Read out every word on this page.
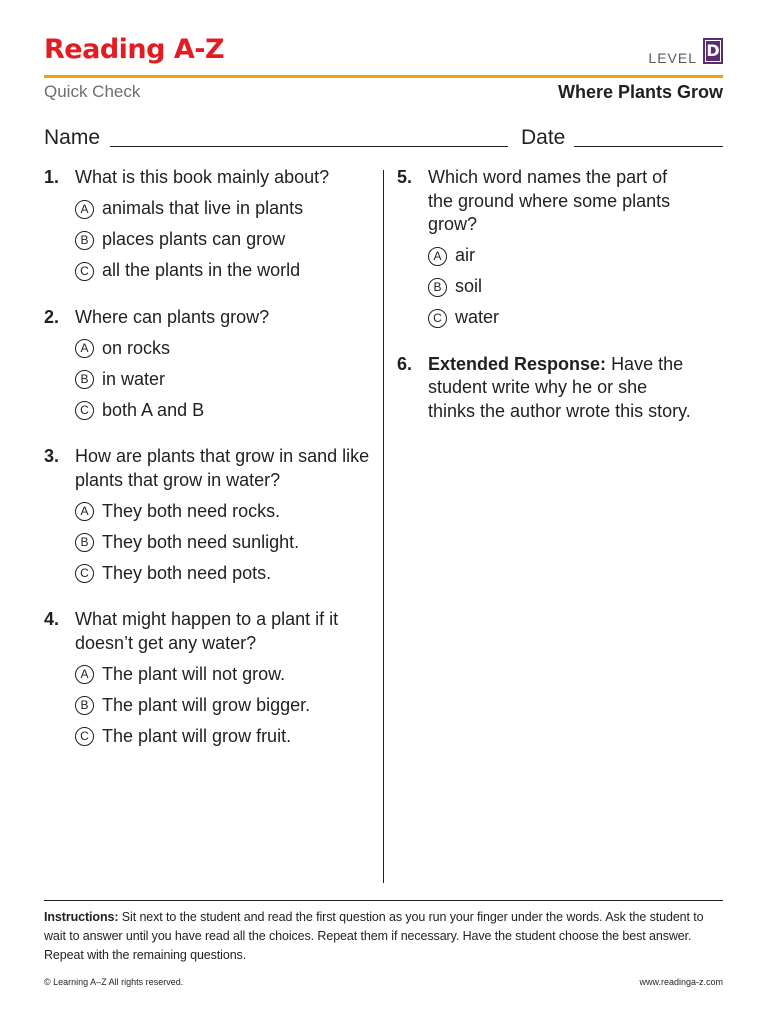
Reading A-Z	LEVEL D
Quick Check	Where Plants Grow
Name	Date
1. What is this book mainly about?
A animals that live in plants
B places plants can grow
C all the plants in the world
2. Where can plants grow?
A on rocks
B in water
C both A and B
3. How are plants that grow in sand like plants that grow in water?
A They both need rocks.
B They both need sunlight.
C They both need pots.
4. What might happen to a plant if it doesn’t get any water?
A The plant will not grow.
B The plant will grow bigger.
C The plant will grow fruit.
5. Which word names the part of the ground where some plants grow?
A air
B soil
C water
6. Extended Response: Have the student write why he or she thinks the author wrote this story.
Instructions: Sit next to the student and read the first question as you run your finger under the words. Ask the student to wait to answer until you have read all the choices. Repeat them if necessary. Have the student choose the best answer. Repeat with the remaining questions.
© Learning A–Z All rights reserved.	www.readinga-z.com
